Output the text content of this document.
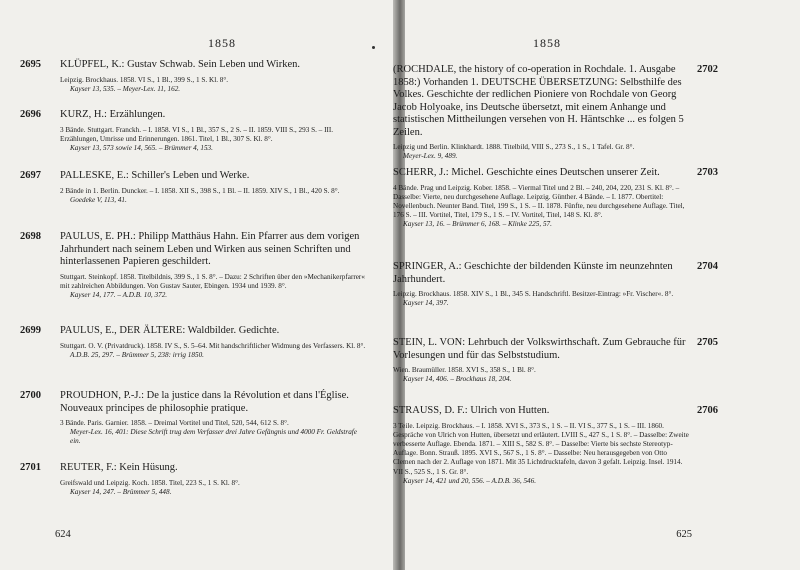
1858
2695 KLÜPFEL, K.: Gustav Schwab. Sein Leben und Wirken.
Leipzig. Brockhaus. 1858. VI S., 1 Bl., 399 S., 1 S. Kl. 8°.
Kayser 13, 535. – Meyer-Lex. 11, 162.
2696 KURZ, H.: Erzählungen.
3 Bände. Stuttgart. Franckh. – I. 1858. VI S., 1 Bl., 357 S., 2 S. – II. 1859. VIII S., 293 S. – III. Erzählungen, Umrisse und Erinnerungen. 1861. Titel, 1 Bl., 307 S. Kl. 8°.
Kayser 13, 573 sowie 14, 565. – Brümmer 4, 153.
2697 PALLESKE, E.: Schiller's Leben und Werke.
2 Bände in 1. Berlin. Duncker. – I. 1858. XII S., 398 S., 1 Bl. – II. 1859. XIV S., 1 Bl., 420 S. 8°.
Goedeke V, 113, 41.
2698 PAULUS, E. PH.: Philipp Matthäus Hahn. Ein Pfarrer aus dem vorigen Jahrhundert nach seinem Leben und Wirken aus seinen Schriften und hinterlassenen Papieren geschildert.
Stuttgart. Steinkopf. 1858. Titelbildnis, 399 S., 1 S. 8°. – Dazu: 2 Schriften über den »Mechanikerpfarrer« mit zahlreichen Abbildungen. Von Gustav Sauter, Ebingen. 1934 und 1939. 8°.
Kayser 14, 177. – A.D.B. 10, 372.
2699 PAULUS, E., DER ÄLTERE: Waldbilder. Gedichte.
Stuttgart. O. V. (Privatdruck). 1858. IV S., S. 5–64. Mit handschriftlicher Widmung des Verfassers. Kl. 8°.
A.D.B. 25, 297. – Brümmer 5, 238: irrig 1850.
2700 PROUDHON, P.-J.: De la justice dans la Révolution et dans l'Église. Nouveaux principes de philosophie pratique.
3 Bände. Paris. Garnier. 1858. – Dreimal Vortitel und Titel, 520, 544, 612 S. 8°.
Meyer-Lex. 16, 401: Diese Schrift trug dem Verfasser drei Jahre Gefängnis und 4000 Fr. Geldstrafe ein.
2701 REUTER, F.: Kein Hüsung.
Greifswald und Leipzig. Koch. 1858. Titel, 223 S., 1 S. Kl. 8°.
Kayser 14, 247. – Brümmer 5, 448.
624
1858
2702
(ROCHDALE, the history of co-operation in Rochdale. 1. Ausgabe 1858:) Vorhanden 1. DEUTSCHE ÜBERSETZUNG: Selbsthilfe des Volkes. Geschichte der redlichen Pioniere von Rochdale von Georg Jacob Holyoake, ins Deutsche übersetzt, mit einem Anhange und statistischen Mittheilungen versehen von H. Häntschke ... es folgen 5 Zeilen.
Leipzig und Berlin. Klinkhardt. 1888. Titelbild, VIII S., 273 S., 1 S., 1 Tafel. Gr. 8°.
Meyer-Lex. 9, 489.
2703
SCHERR, J.: Michel. Geschichte eines Deutschen unserer Zeit.
4 Bände. Prag und Leipzig. Kober. 1858. – Viermal Titel und 2 Bl. – 240, 204, 220, 231 S. Kl. 8°. – Dasselbe: Vierte, neu durchgesehene Auflage. Leipzig. Günther. 4 Bände. – I. 1877. Obertitel: Novellenbuch. Neunter Band. Titel, 199 S., 1 S. – II. 1878. Fünfte, neu durchgesehene Auflage. Titel, 176 S. – III. Vortitel, Titel, 179 S., 1 S. – IV. Vortitel, Titel, 148 S. Kl. 8°.
Kayser 13, 16. – Brümmer 6, 168. – Klinke 225, 57.
2704
SPRINGER, A.: Geschichte der bildenden Künste im neunzehnten Jahrhundert.
Leipzig. Brockhaus. 1858. XIV S., 1 Bl., 345 S. Handschriftl. Besitzer-Eintrag: »Fr. Vischer«. 8°.
Kayser 14, 397.
2705
STEIN, L. VON: Lehrbuch der Volkswirthschaft. Zum Gebrauche für Vorlesungen und für das Selbststudium.
Wien. Braumüller. 1858. XVI S., 358 S., 1 Bl. 8°.
Kayser 14, 406. – Brockhaus 18, 204.
2706
STRAUSS, D. F.: Ulrich von Hutten.
3 Teile. Leipzig. Brockhaus. – I. 1858. XVI S., 373 S., 1 S. – II. VI S., 377 S., 1 S. – III. 1860. Gespräche von Ulrich von Hutten, übersetzt und erläutert. LVIII S., 427 S., 1 S. 8°. – Dasselbe: Zweite verbesserte Auflage. Ebenda. 1871. – XIII S., 582 S. 8°. – Dasselbe: Vierte bis sechste Stereotyp-Auflage. Bonn. Strauß. 1895. XVI S., 567 S., 1 S. 8°. – Dasselbe: Neu herausgegeben von Otto Clemen nach der 2. Auflage von 1871. Mit 35 Lichtdrucktafeln, davon 3 gefalt. Leipzig. Insel. 1914. VII S., 525 S., 1 S. Gr. 8°.
Kayser 14, 421 und 20, 556. – A.D.B. 36, 546.
625
